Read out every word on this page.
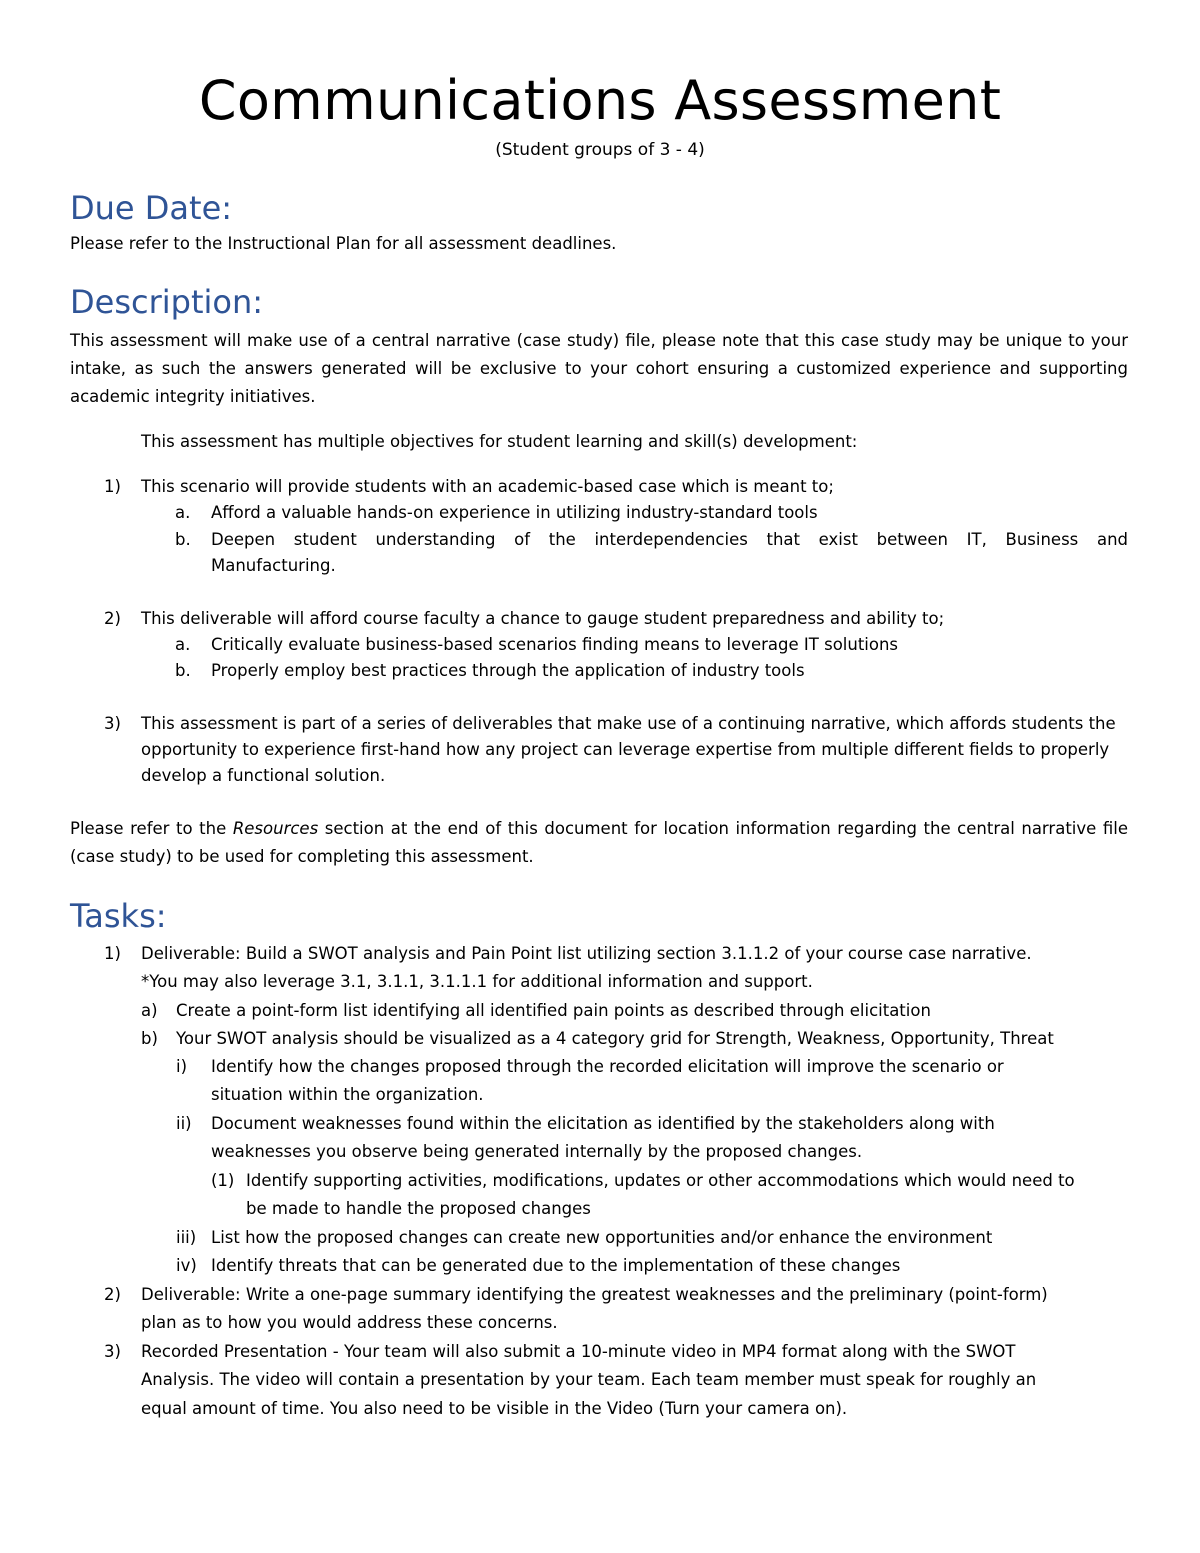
Communications Assessment
(Student groups of 3 - 4)
Due Date:
Please refer to the Instructional Plan for all assessment deadlines.
Description:

This assessment will make use of a central narrative (case study) file, please note that this case study may be unique to your intake, as such the answers generated will be exclusive to your cohort ensuring a customized experience and supporting academic integrity initiatives.

This assessment has multiple objectives for student learning and skill(s) development:
1) This scenario will provide students with an academic-based case which is meant to;
a. Afford a valuable hands-on experience in utilizing industry-standard tools
b. Deepen student understanding of the interdependencies that exist between IT, Business and
Manufacturing.
2) This deliverable will afford course faculty a chance to gauge student preparedness and ability to;
a. Critically evaluate business-based scenarios finding means to leverage IT solutions
b. Properly employ best practices through the application of industry tools
3) This assessment is part of a series of deliverables that make use of a continuing narrative, which affords students the opportunity to experience first-hand how any project can leverage expertise from multiple different fields to properly develop a functional solution.

Please refer to the Resources section at the end of this document for location information regarding the central narrative file (case study) to be used for completing this assessment.

Tasks:
1) Deliverable: Build a SWOT analysis and Pain Point list utilizing section 3.1.1.2 of your course case narrative.
*You may also leverage 3.1, 3.1.1, 3.1.1.1 for additional information and support.
a) Create a point-form list identifying all identified pain points as described through elicitation
b) Your SWOT analysis should be visualized as a 4 category grid for Strength, Weakness, Opportunity, Threat
i) Identify how the changes proposed through the recorded elicitation will improve the scenario or
situation within the organization.
ii) Document weaknesses found within the elicitation as identified by the stakeholders along with
weaknesses you observe being generated internally by the proposed changes.
(1) Identify supporting activities, modifications, updates or other accommodations which would need to
be made to handle the proposed changes
iii) List how the proposed changes can create new opportunities and/or enhance the environment
iv) Identify threats that can be generated due to the implementation of these changes
2) Deliverable: Write a one-page summary identifying the greatest weaknesses and the preliminary (point-form)
plan as to how you would address these concerns.
3) Recorded Presentation - Your team will also submit a 10-minute video in MP4 format along with the SWOT
Analysis. The video will contain a presentation by your team. Each team member must speak for roughly an
equal amount of time. You also need to be visible in the Video (Turn your camera on).
